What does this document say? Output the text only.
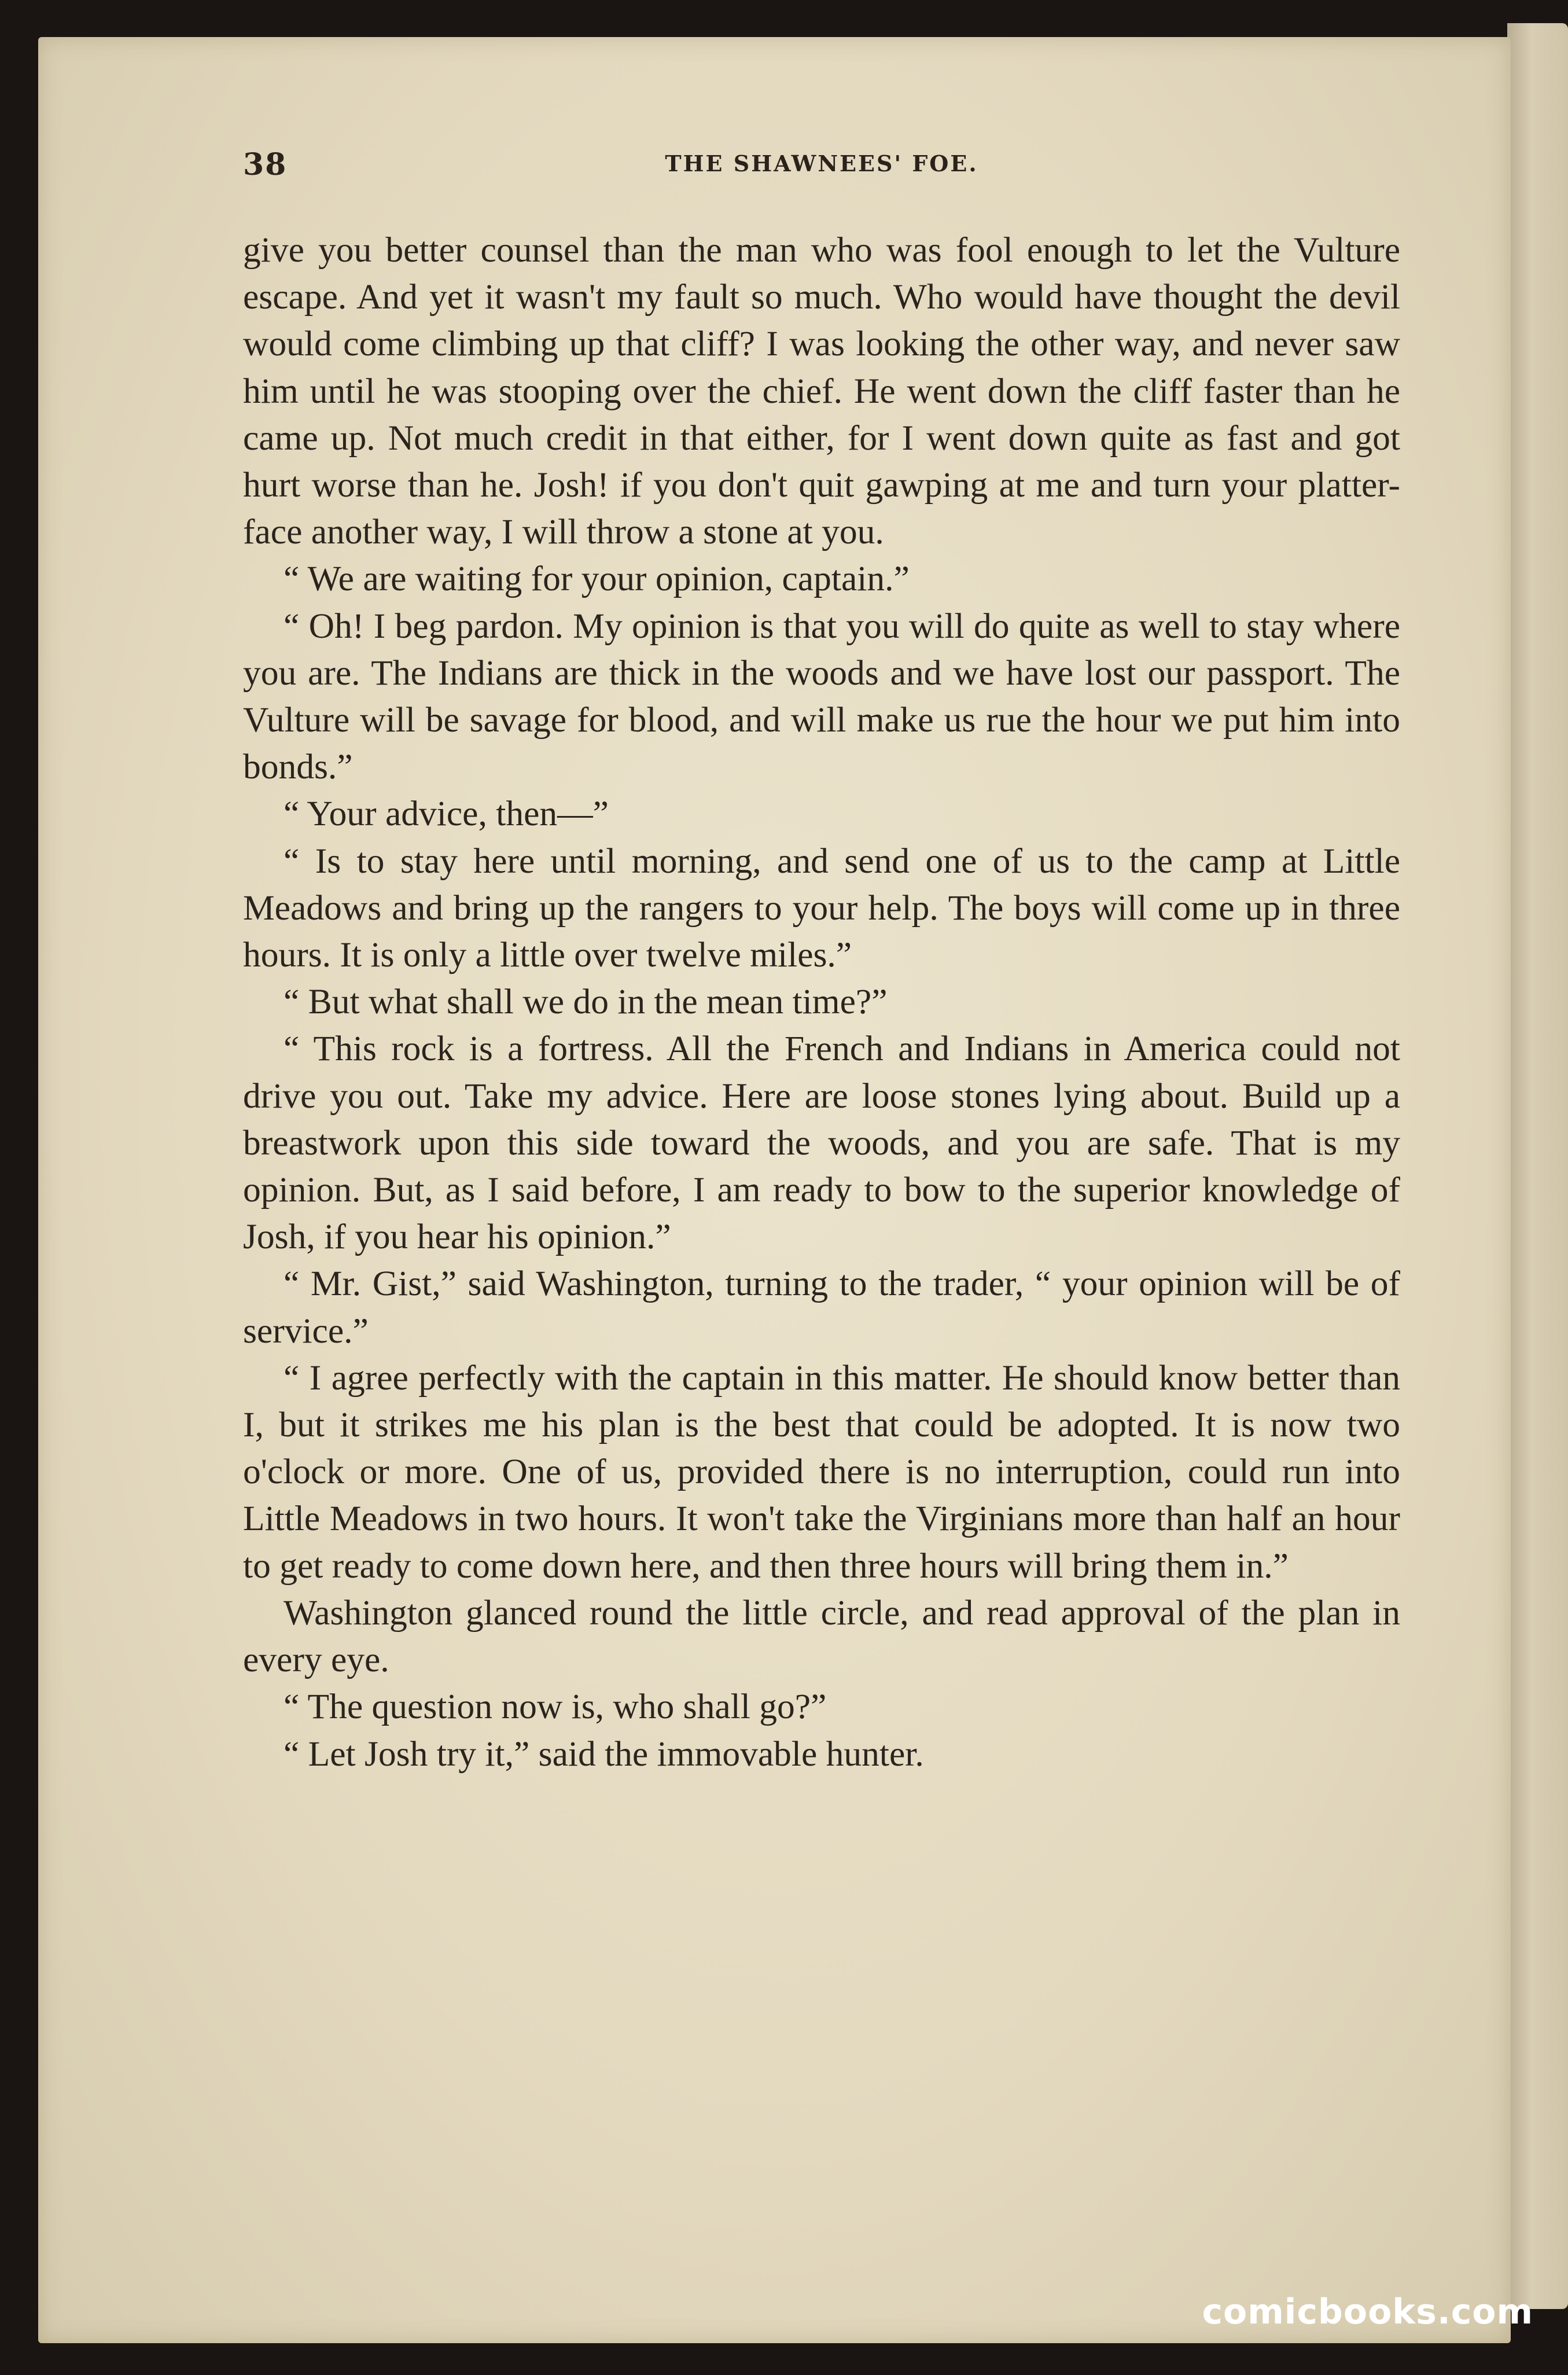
38	THE SHAWNEES' FOE.

give you better counsel than the man who was fool enough to let the Vulture escape. And yet it wasn't my fault so much. Who would have thought the devil would come climbing up that cliff? I was looking the other way, and never saw him until he was stooping over the chief. He went down the cliff faster than he came up. Not much credit in that either, for I went down quite as fast and got hurt worse than he. Josh! if you don't quit gawping at me and turn your platter-face another way, I will throw a stone at you.

“ We are waiting for your opinion, captain.”

“ Oh! I beg pardon. My opinion is that you will do quite as well to stay where you are. The Indians are thick in the woods and we have lost our passport. The Vulture will be savage for blood, and will make us rue the hour we put him into bonds.”

“ Your advice, then—”

“ Is to stay here until morning, and send one of us to the camp at Little Meadows and bring up the rangers to your help. The boys will come up in three hours. It is only a little over twelve miles.”

“ But what shall we do in the mean time?”

“ This rock is a fortress. All the French and Indians in America could not drive you out. Take my advice. Here are loose stones lying about. Build up a breastwork upon this side toward the woods, and you are safe. That is my opinion. But, as I said before, I am ready to bow to the superior knowledge of Josh, if you hear his opinion.”

“ Mr. Gist,” said Washington, turning to the trader, “ your opinion will be of service.”

“ I agree perfectly with the captain in this matter. He should know better than I, but it strikes me his plan is the best that could be adopted. It is now two o'clock or more. One of us, provided there is no interruption, could run into Little Meadows in two hours. It won't take the Virginians more than half an hour to get ready to come down here, and then three hours will bring them in.”

Washington glanced round the little circle, and read approval of the plan in every eye.

“ The question now is, who shall go?”

“ Let Josh try it,” said the immovable hunter.

comicbooks.com
